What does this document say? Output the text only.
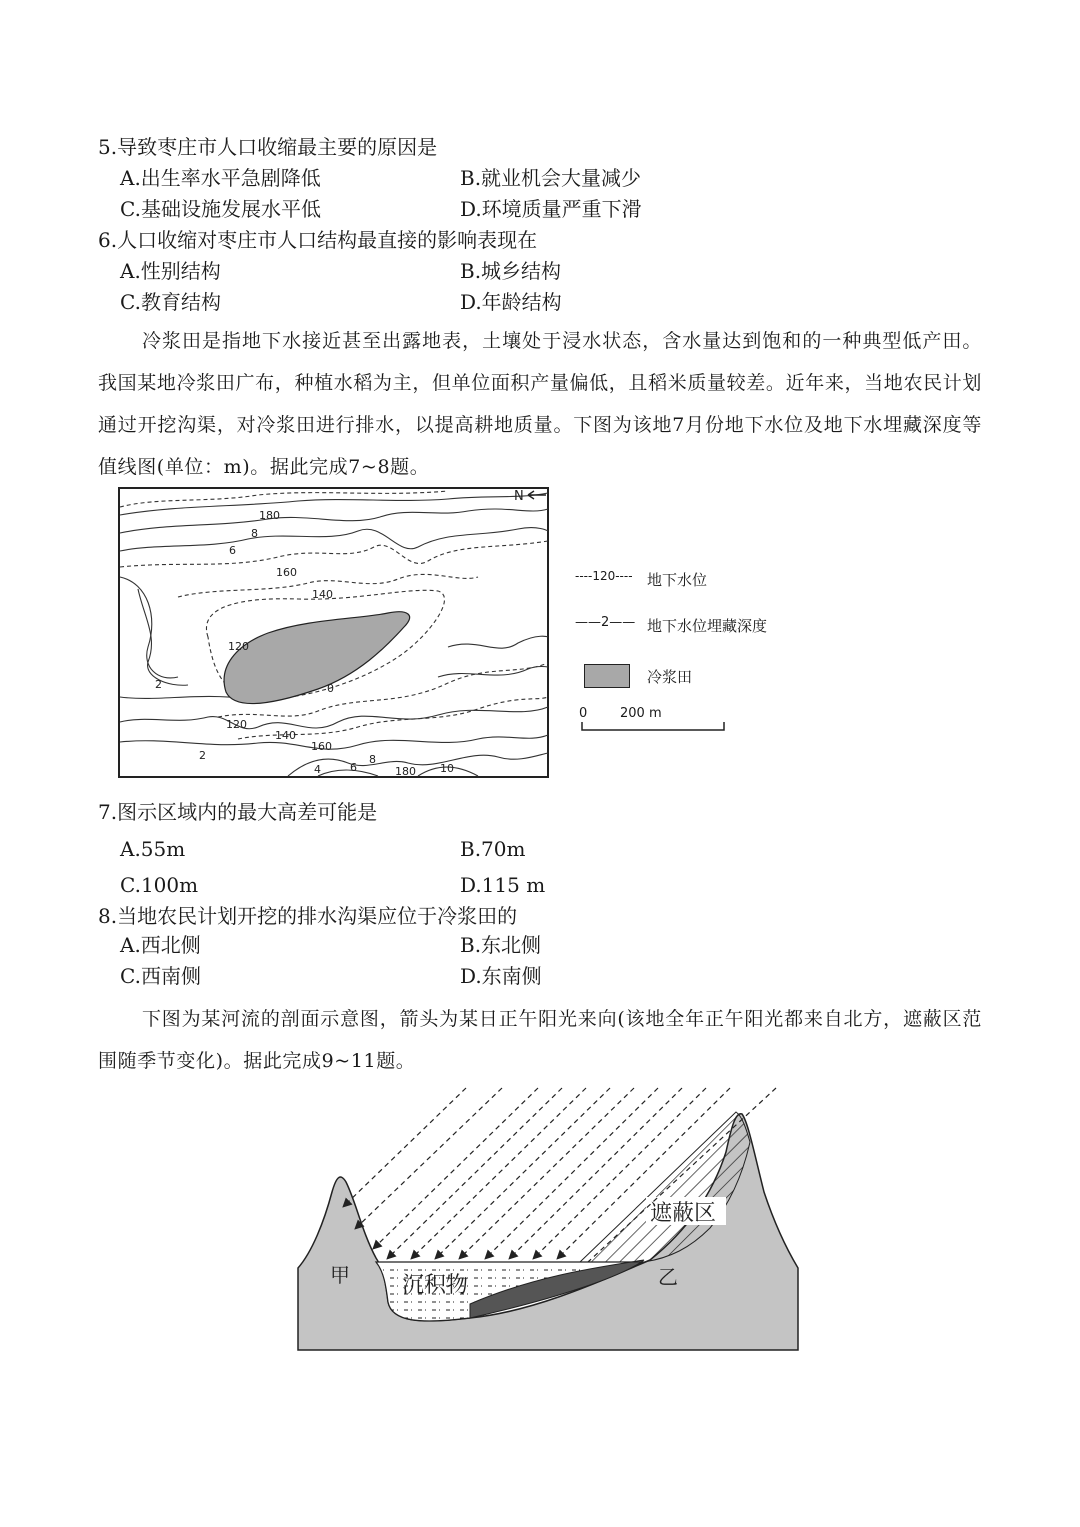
5.导致枣庄市人口收缩最主要的原因是
A.出生率水平急剧降低	B.就业机会大量减少
C.基础设施发展水平低	D.环境质量严重下滑
6.人口收缩对枣庄市人口结构最直接的影响表现在
A.性别结构	B.城乡结构
C.教育结构	D.年龄结构
冷浆田是指地下水接近甚至出露地表，土壤处于浸水状态，含水量达到饱和的一种典型低产田。我国某地冷浆田广布，种植水稻为主，但单位面积产量偏低，且稻米质量较差。近年来，当地农民计划通过开挖沟渠，对冷浆田进行排水，以提高耕地质量。下图为该地7月份地下水位及地下水埋藏深度等值线图(单位：m)。据此完成7~8题。
N
180
8
6
160
140
120
2	0
120
140
160
2
4	6
8
180 10
----120---- 地下水位
——2—— 地下水位埋藏深度
冷浆田
0	200 m
7.图示区域内的最大高差可能是
A.55m	B.70m
C.100m	D.115 m
8.当地农民计划开挖的排水沟渠应位于冷浆田的
A.西北侧	B.东北侧
C.西南侧	D.东南侧
下图为某河流的剖面示意图，箭头为某日正午阳光来向(该地全年正午阳光都来自北方，遮蔽区范围随季节变化)。据此完成9~11题。
遮蔽区
沉积物
甲	乙
